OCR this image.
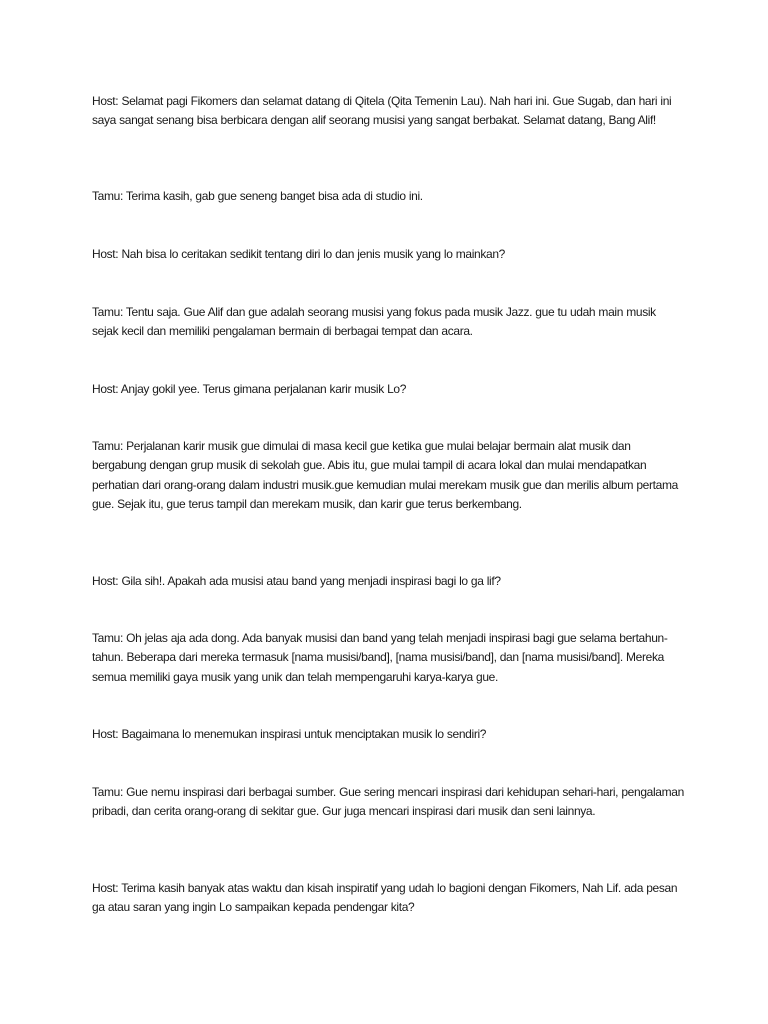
Host: Selamat pagi Fikomers dan selamat datang di Qitela (Qita Temenin Lau). Nah hari ini. Gue Sugab, dan hari ini saya sangat senang bisa berbicara dengan alif seorang musisi yang sangat berbakat. Selamat datang, Bang Alif!

Tamu: Terima kasih, gab gue seneng banget bisa ada di studio ini.

Host: Nah bisa lo ceritakan sedikit tentang diri lo dan jenis musik yang lo mainkan?

Tamu: Tentu saja. Gue Alif dan gue adalah seorang musisi yang fokus pada musik Jazz. gue tu udah main musik sejak kecil dan memiliki pengalaman bermain di berbagai tempat dan acara.

Host: Anjay gokil yee. Terus gimana perjalanan karir musik Lo?

Tamu: Perjalanan karir musik gue dimulai di masa kecil gue ketika gue mulai belajar bermain alat musik dan bergabung dengan grup musik di sekolah gue. Abis itu, gue mulai tampil di acara lokal dan mulai mendapatkan perhatian dari orang-orang dalam industri musik.gue kemudian mulai merekam musik gue dan merilis album pertama gue. Sejak itu, gue terus tampil dan merekam musik, dan karir gue terus berkembang.

Host: Gila sih!. Apakah ada musisi atau band yang menjadi inspirasi bagi lo ga lif?

Tamu: Oh jelas aja ada dong. Ada banyak musisi dan band yang telah menjadi inspirasi bagi gue selama bertahun-tahun. Beberapa dari mereka termasuk [nama musisi/band], [nama musisi/band], dan [nama musisi/band]. Mereka semua memiliki gaya musik yang unik dan telah mempengaruhi karya-karya gue.

Host: Bagaimana lo menemukan inspirasi untuk menciptakan musik lo sendiri?

Tamu: Gue nemu inspirasi dari berbagai sumber. Gue sering mencari inspirasi dari kehidupan sehari-hari, pengalaman pribadi, dan cerita orang-orang di sekitar gue. Gur juga mencari inspirasi dari musik dan seni lainnya.

Host: Terima kasih banyak atas waktu dan kisah inspiratif yang udah lo bagioni dengan Fikomers, Nah Lif. ada pesan ga atau saran yang ingin Lo sampaikan kepada pendengar kita?
